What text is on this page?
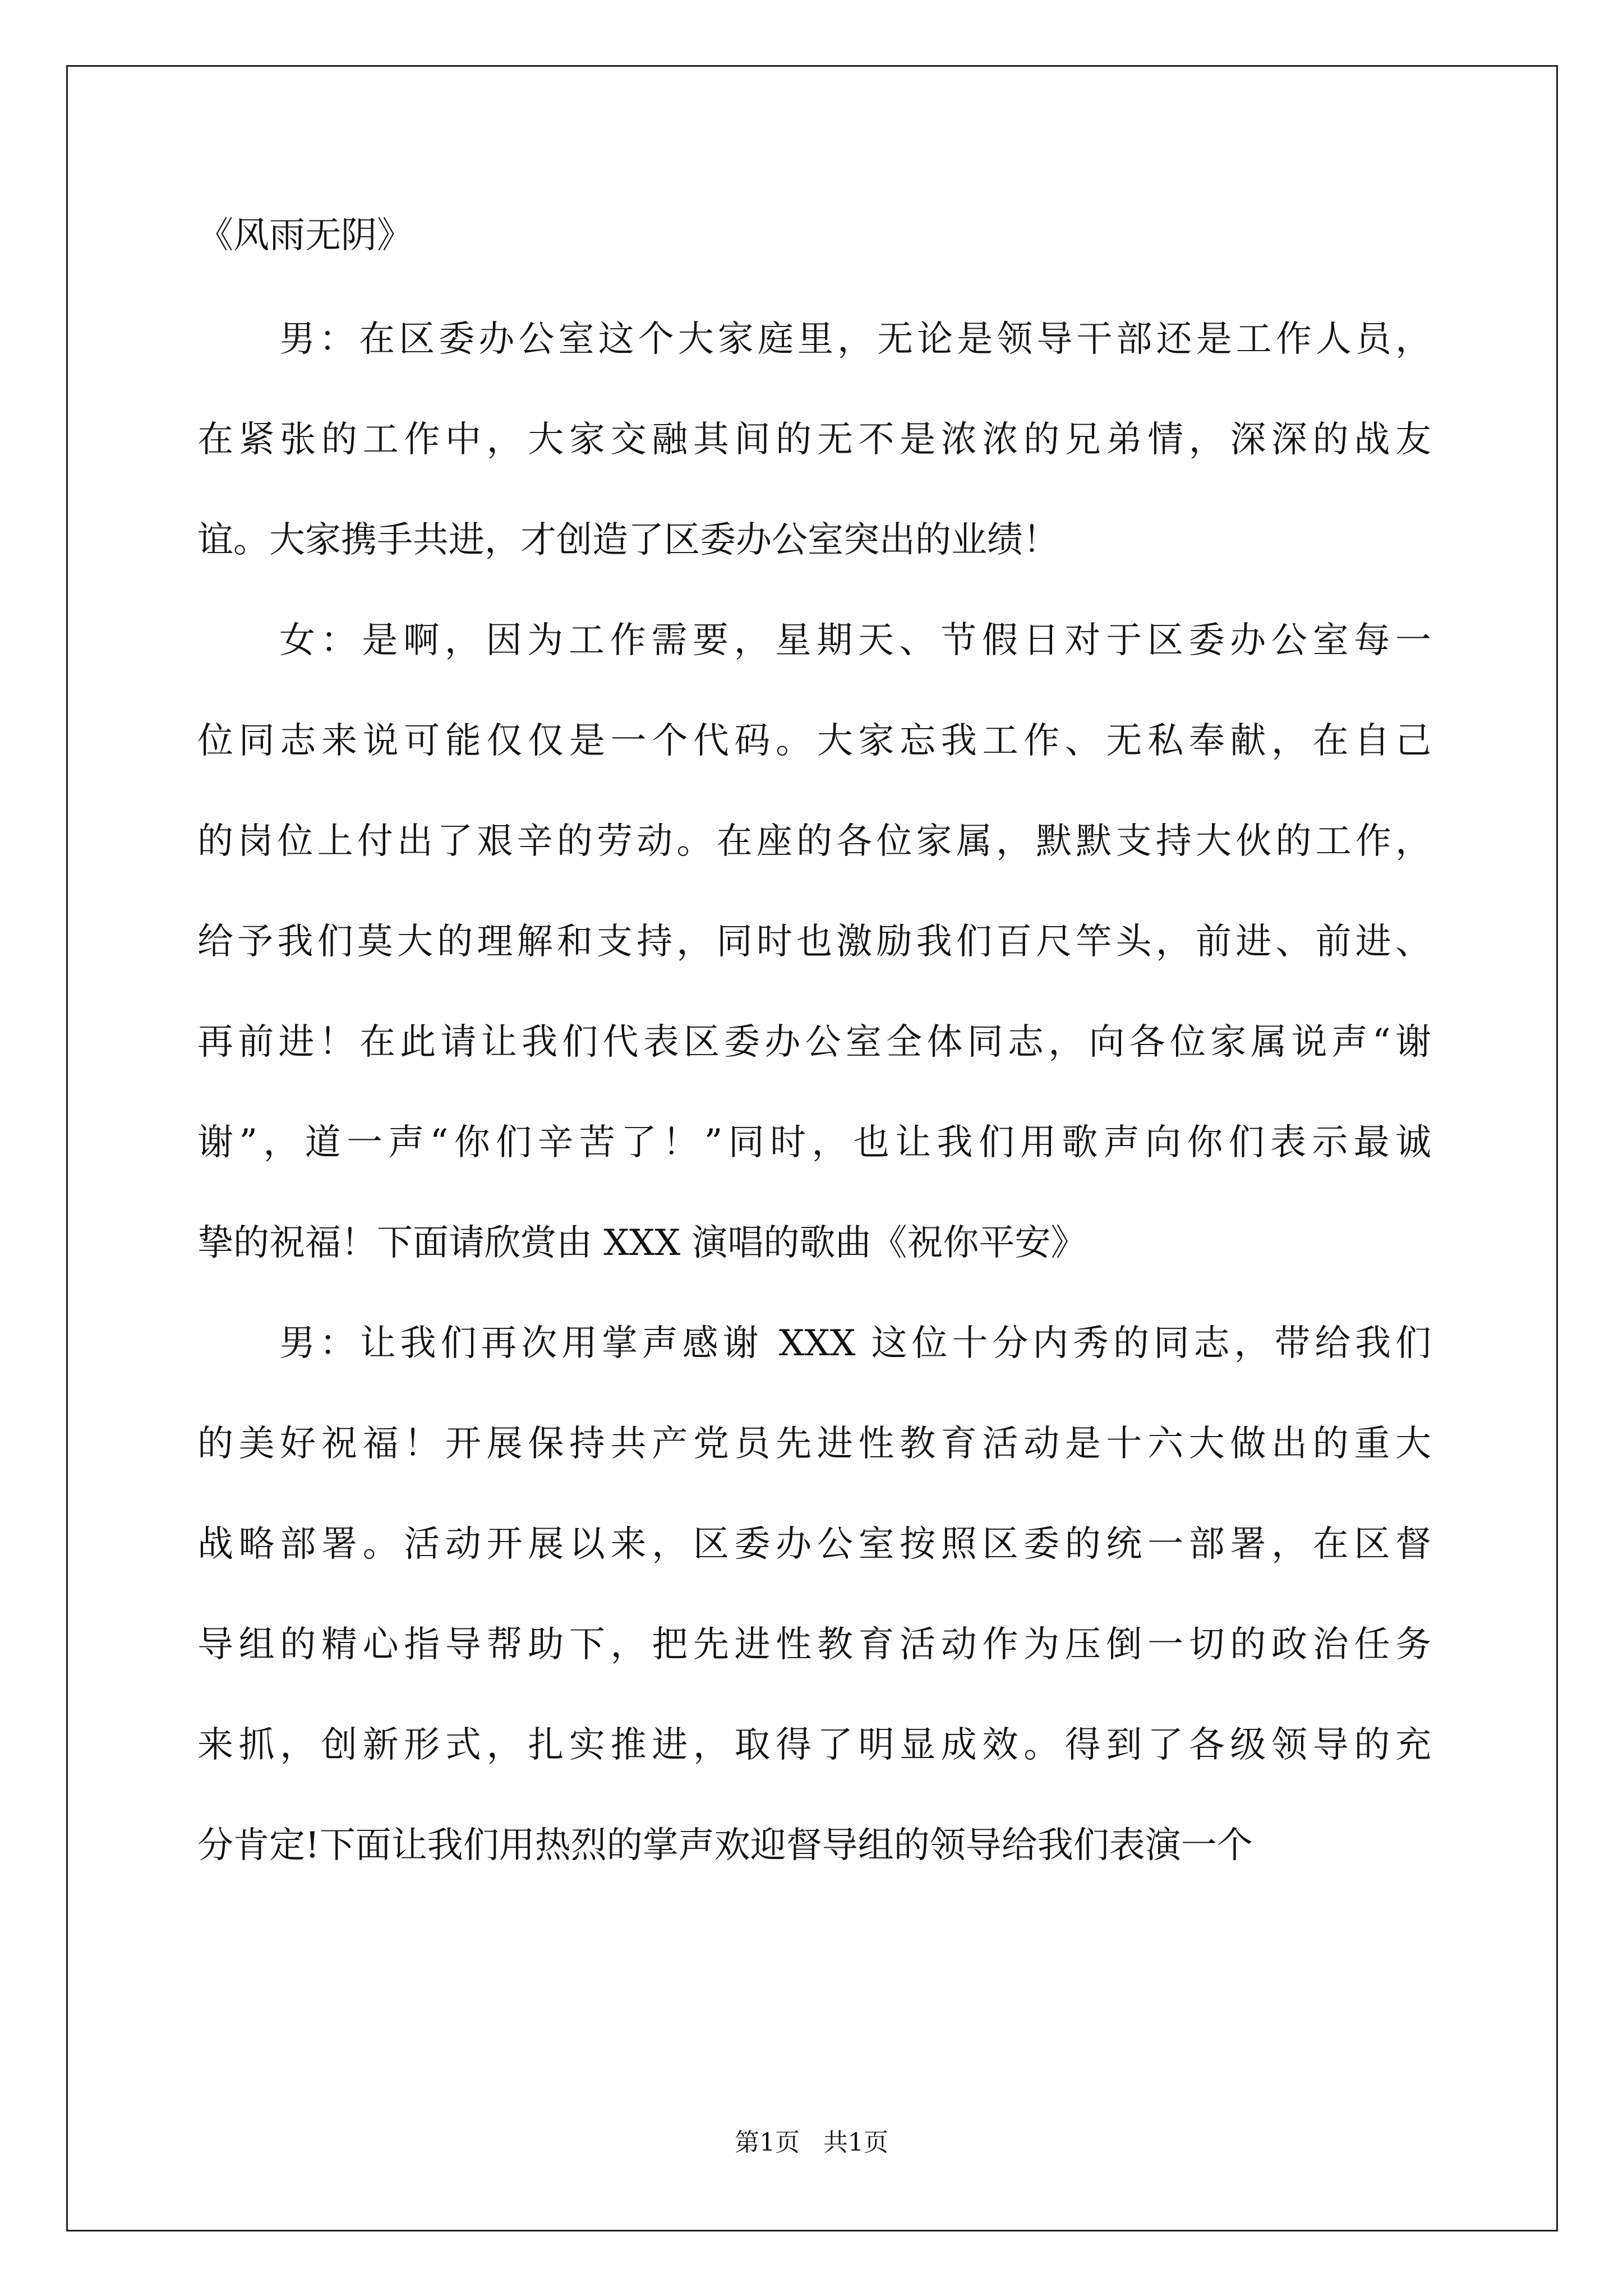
《风雨无阴》
男：在区委办公室这个大家庭里，无论是领导干部还是工作人员，
在紧张的工作中，大家交融其间的无不是浓浓的兄弟情，深深的战友
谊。大家携手共进，才创造了区委办公室突出的业绩！
女：是啊，因为工作需要，星期天、节假日对于区委办公室每一
位同志来说可能仅仅是一个代码。大家忘我工作、无私奉献，在自己
的岗位上付出了艰辛的劳动。在座的各位家属，默默支持大伙的工作，
给予我们莫大的理解和支持，同时也激励我们百尺竿头，前进、前进、
再前进！在此请让我们代表区委办公室全体同志，向各位家属说声“谢
谢”，道一声“你们辛苦了！”同时，也让我们用歌声向你们表示最诚
挚的祝福！下面请欣赏由 XXX 演唱的歌曲《祝你平安》
男：让我们再次用掌声感谢 XXX 这位十分内秀的同志，带给我们
的美好祝福！开展保持共产党员先进性教育活动是十六大做出的重大
战略部署。活动开展以来，区委办公室按照区委的统一部署，在区督
导组的精心指导帮助下，把先进性教育活动作为压倒一切的政治任务
来抓，创新形式，扎实推进，取得了明显成效。得到了各级领导的充
分肯定!下面让我们用热烈的掌声欢迎督导组的领导给我们表演一个
第1页   共1页
